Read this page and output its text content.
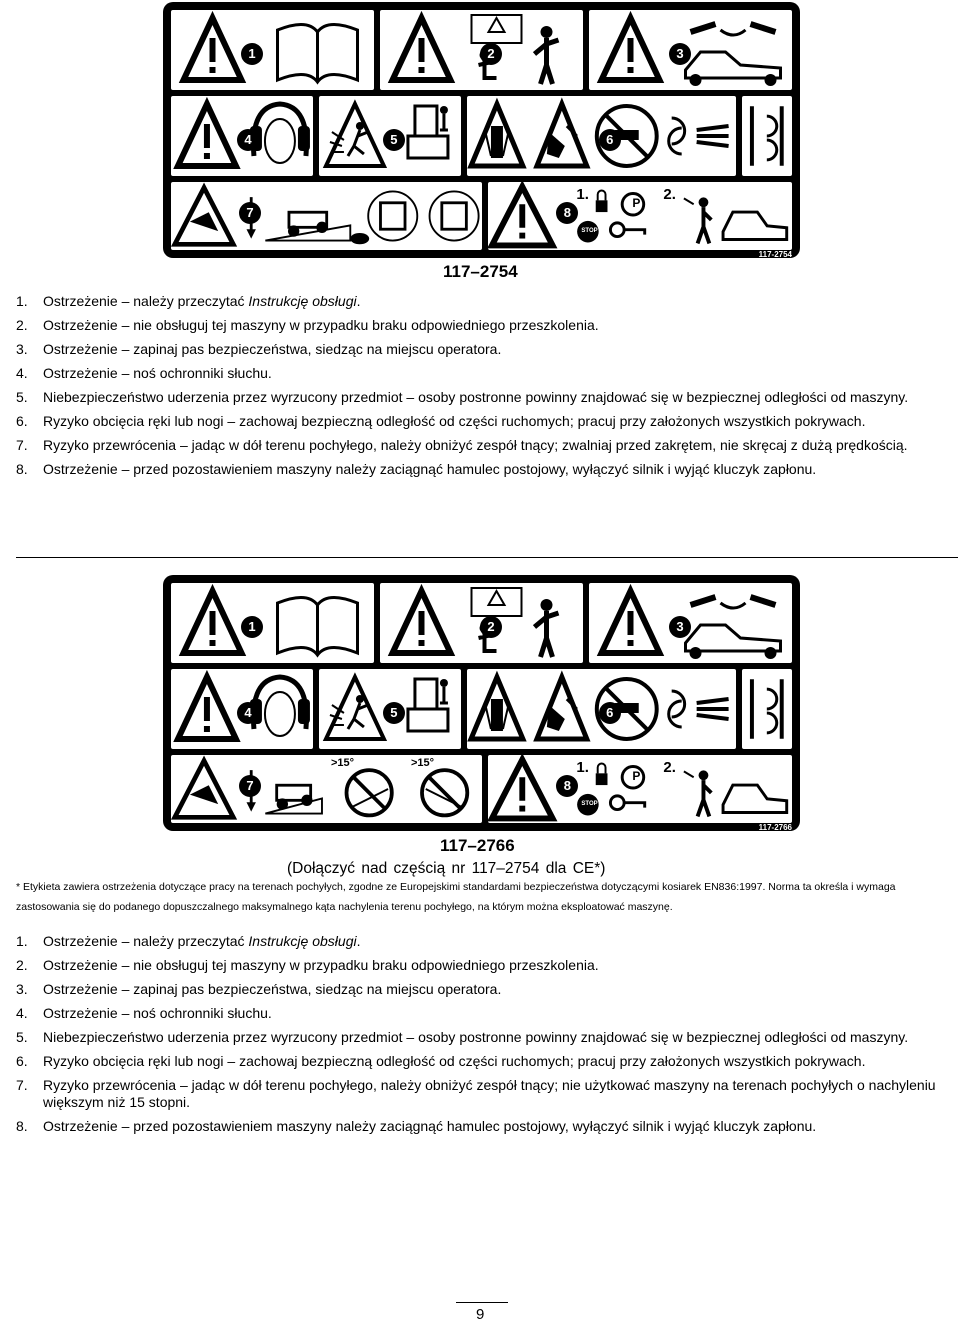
1	2	3
4	5	6
7	8
1.	2.
STOP
P
117-2754
117–2754
1. Ostrzeżenie – należy przeczytać Instrukcję obsługi.
2. Ostrzeżenie – nie obsługuj tej maszyny w przypadku braku odpowiedniego przeszkolenia.
3. Ostrzeżenie – zapinaj pas bezpieczeństwa, siedząc na miejscu operatora.
4. Ostrzeżenie – noś ochronniki słuchu.
5. Niebezpieczeństwo uderzenia przez wyrzucony przedmiot – osoby postronne powinny znajdować się w bezpiecznej odległości od maszyny.
6. Ryzyko obcięcia ręki lub nogi – zachowaj bezpieczną odległość od części ruchomych; pracuj przy założonych wszystkich pokrywach.
7. Ryzyko przewrócenia – jadąc w dół terenu pochyłego, należy obniżyć zespół tnący; zwalniaj przed zakrętem, nie skręcaj z dużą prędkością.
8. Ostrzeżenie – przed pozostawieniem maszyny należy zaciągnąć hamulec postojowy, wyłączyć silnik i wyjąć kluczyk zapłonu.
1	2	3
4	5	6
7
>15°	>15°
8
1.	2.
STOP
P
117-2766
117–2766
(Dołączyć nad częścią nr 117–2754 dla CE*)
* Etykieta zawiera ostrzeżenia dotyczące pracy na terenach pochyłych, zgodne ze Europejskimi standardami bezpieczeństwa dotyczącymi kosiarek EN836:1997. Norma ta określa i wymaga zastosowania się do podanego dopuszczalnego maksymalnego kąta nachylenia terenu pochyłego, na którym można eksploatować maszynę.
1. Ostrzeżenie – należy przeczytać Instrukcję obsługi.
2. Ostrzeżenie – nie obsługuj tej maszyny w przypadku braku odpowiedniego przeszkolenia.
3. Ostrzeżenie – zapinaj pas bezpieczeństwa, siedząc na miejscu operatora.
4. Ostrzeżenie – noś ochronniki słuchu.
5. Niebezpieczeństwo uderzenia przez wyrzucony przedmiot – osoby postronne powinny znajdować się w bezpiecznej odległości od maszyny.
6. Ryzyko obcięcia ręki lub nogi – zachowaj bezpieczną odległość od części ruchomych; pracuj przy założonych wszystkich pokrywach.
7. Ryzyko przewrócenia – jadąc w dół terenu pochyłego, należy obniżyć zespół tnący; nie użytkować maszyny na terenach pochyłych o nachyleniu większym niż 15 stopni.
8. Ostrzeżenie – przed pozostawieniem maszyny należy zaciągnąć hamulec postojowy, wyłączyć silnik i wyjąć kluczyk zapłonu.
9
